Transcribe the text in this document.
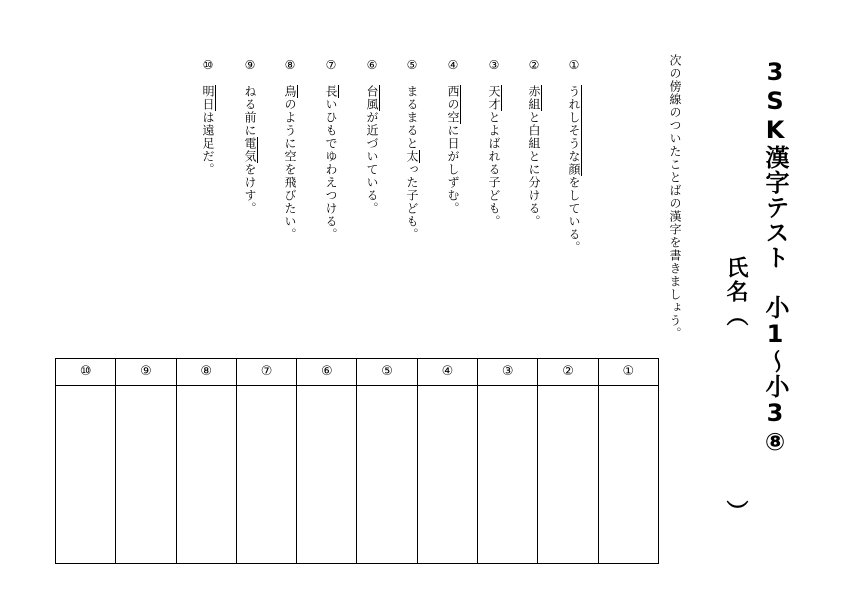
3SK漢字テスト　小1〜小3⑧
氏名（
）
次の傍線のついたことばの漢字を書きましょう。
①うれしそうな顔をしている。
②赤組と白組とに分ける。
③天才とよばれる子ども。
④西の空に日がしずむ。
⑤まるまると太った子ども。
⑥台風が近づいている。
⑦長いひもでゆわえつける。
⑧鳥のように空を飛びたい。
⑨ねる前に電気をけす。
⑩明日は遠足だ。
⑩	⑨	⑧	⑦	⑥	⑤	④	③	②	①
